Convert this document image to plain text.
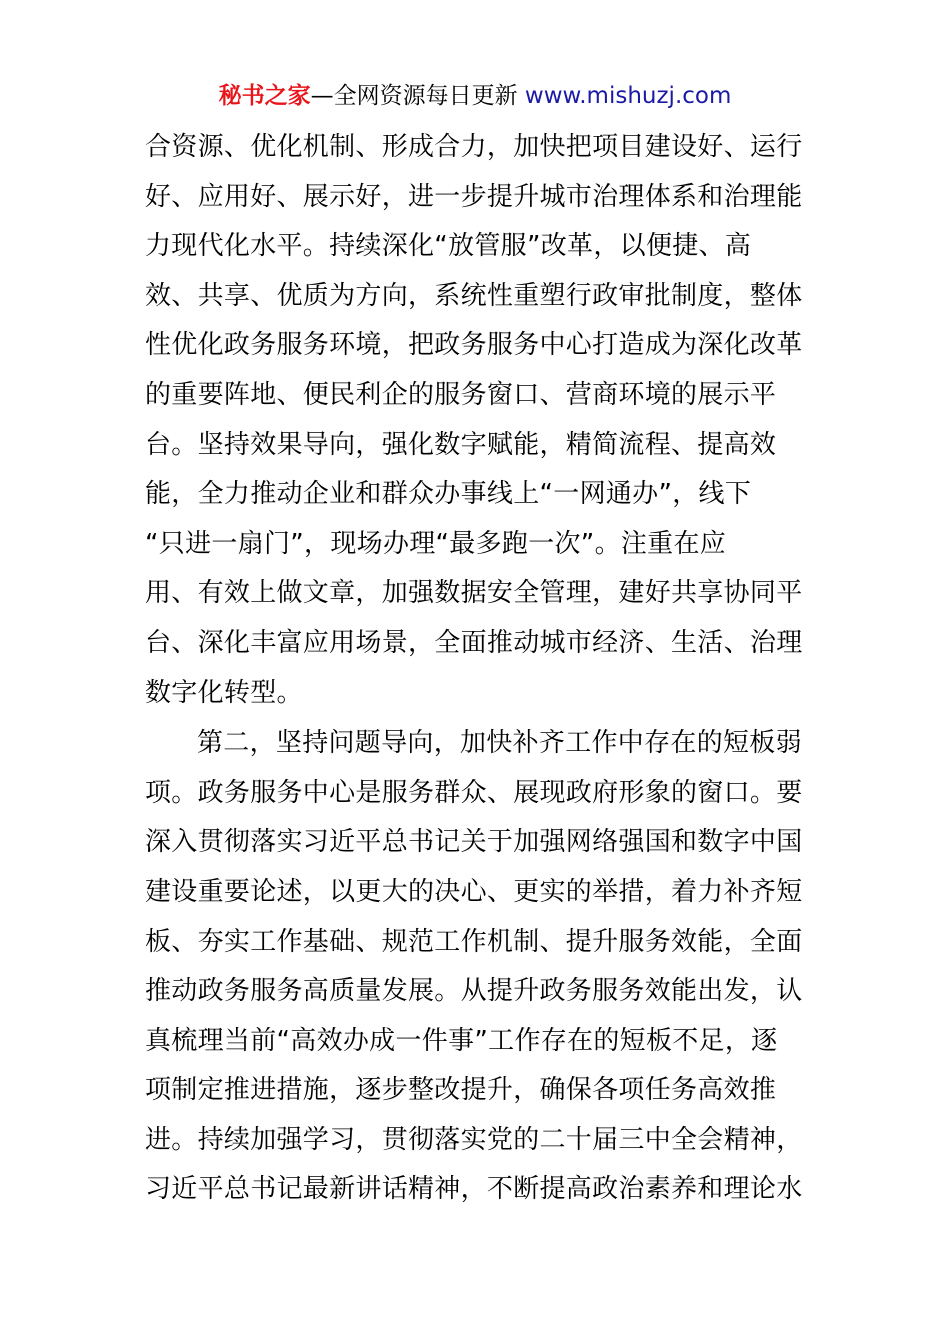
秘书之家—全网资源每日更新 www.mishuzj.com
合资源、优化机制、形成合力，加快把项目建设好、运行
好、应用好、展示好，进一步提升城市治理体系和治理能
力现代化水平。持续深化“放管服”改革，以便捷、高
效、共享、优质为方向，系统性重塑行政审批制度，整体
性优化政务服务环境，把政务服务中心打造成为深化改革
的重要阵地、便民利企的服务窗口、营商环境的展示平
台。坚持效果导向，强化数字赋能，精简流程、提高效
能，全力推动企业和群众办事线上“一网通办”，线下
“只进一扇门”，现场办理“最多跑一次”。注重在应
用、有效上做文章，加强数据安全管理，建好共享协同平
台、深化丰富应用场景，全面推动城市经济、生活、治理
数字化转型。
第二，坚持问题导向，加快补齐工作中存在的短板弱
项。政务服务中心是服务群众、展现政府形象的窗口。要
深入贯彻落实习近平总书记关于加强网络强国和数字中国
建设重要论述，以更大的决心、更实的举措，着力补齐短
板、夯实工作基础、规范工作机制、提升服务效能，全面
推动政务服务高质量发展。从提升政务服务效能出发，认
真梳理当前“高效办成一件事”工作存在的短板不足，逐
项制定推进措施，逐步整改提升，确保各项任务高效推
进。持续加强学习，贯彻落实党的二十届三中全会精神，
习近平总书记最新讲话精神，不断提高政治素养和理论水
